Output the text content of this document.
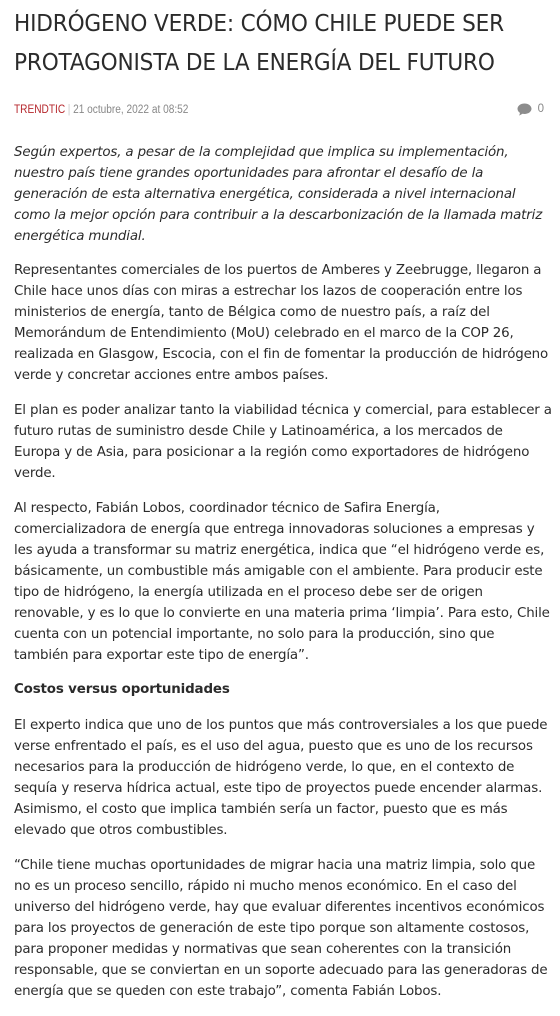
HIDRÓGENO VERDE: CÓMO CHILE PUEDE SER PROTAGONISTA DE LA ENERGÍA DEL FUTURO
TRENDTIC | 21 octubre, 2022 at 08:52

Según expertos, a pesar de la complejidad que implica su implementación, nuestro país tiene grandes oportunidades para afrontar el desafío de la generación de esta alternativa energética, considerada a nivel internacional como la mejor opción para contribuir a la descarbonización de la llamada matriz energética mundial.

Representantes comerciales de los puertos de Amberes y Zeebrugge, llegaron a Chile hace unos días con miras a estrechar los lazos de cooperación entre los ministerios de energía, tanto de Bélgica como de nuestro país, a raíz del Memorándum de Entendimiento (MoU) celebrado en el marco de la COP 26, realizada en Glasgow, Escocia, con el fin de fomentar la producción de hidrógeno verde y concretar acciones entre ambos países.

El plan es poder analizar tanto la viabilidad técnica y comercial, para establecer a futuro rutas de suministro desde Chile y Latinoamérica, a los mercados de Europa y de Asia, para posicionar a la región como exportadores de hidrógeno verde.

Al respecto, Fabián Lobos, coordinador técnico de Safira Energía, comercializadora de energía que entrega innovadoras soluciones a empresas y les ayuda a transformar su matriz energética, indica que “el hidrógeno verde es, básicamente, un combustible más amigable con el ambiente. Para producir este tipo de hidrógeno, la energía utilizada en el proceso debe ser de origen renovable, y es lo que lo convierte en una materia prima ‘limpia’. Para esto, Chile cuenta con un potencial importante, no solo para la producción, sino que también para exportar este tipo de energía”.

Costos versus oportunidades

El experto indica que uno de los puntos que más controversiales a los que puede verse enfrentado el país, es el uso del agua, puesto que es uno de los recursos necesarios para la producción de hidrógeno verde, lo que, en el contexto de sequía y reserva hídrica actual, este tipo de proyectos puede encender alarmas. Asimismo, el costo que implica también sería un factor, puesto que es más elevado que otros combustibles.

“Chile tiene muchas oportunidades de migrar hacia una matriz limpia, solo que no es un proceso sencillo, rápido ni mucho menos económico. En el caso del universo del hidrógeno verde, hay que evaluar diferentes incentivos económicos para los proyectos de generación de este tipo porque son altamente costosos, para proponer medidas y normativas que sean coherentes con la transición responsable, que se conviertan en un soporte adecuado para las generadoras de energía que se queden con este trabajo”, comenta Fabián Lobos.

0
